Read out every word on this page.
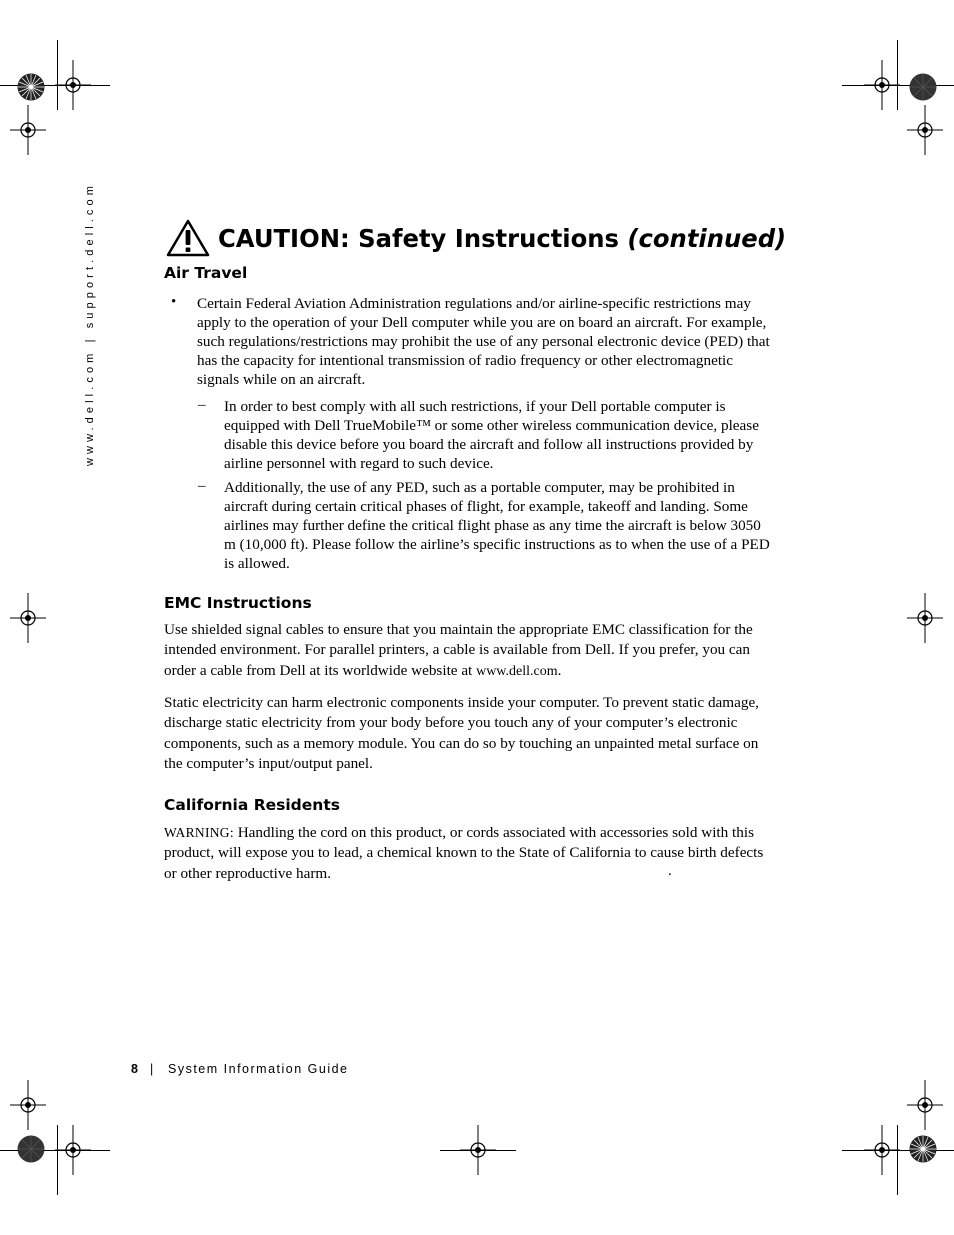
www.dell.com | support.dell.com	CAUTION: Safety Instructions (continued)
Air Travel
• Certain Federal Aviation Administration regulations and/or airline-specific restrictions may apply to the operation of your Dell computer while you are on board an aircraft. For example, such regulations/restrictions may prohibit the use of any personal electronic device (PED) that has the capacity for intentional transmission of radio frequency or other electromagnetic signals while on an aircraft.
– In order to best comply with all such restrictions, if your Dell portable computer is equipped with Dell TrueMobile™ or some other wireless communication device, please disable this device before you board the aircraft and follow all instructions provided by airline personnel with regard to such device.
– Additionally, the use of any PED, such as a portable computer, may be prohibited in aircraft during certain critical phases of flight, for example, takeoff and landing. Some airlines may further define the critical flight phase as any time the aircraft is below 3050 m (10,000 ft). Please follow the airline’s specific instructions as to when the use of a PED is allowed.
EMC Instructions
Use shielded signal cables to ensure that you maintain the appropriate EMC classification for the intended environment. For parallel printers, a cable is available from Dell. If you prefer, you can order a cable from Dell at its worldwide website at www.dell.com.
Static electricity can harm electronic components inside your computer. To prevent static damage, discharge static electricity from your body before you touch any of your computer’s electronic components, such as a memory module. You can do so by touching an unpainted metal surface on the computer’s input/output panel.
California Residents
WARNING: Handling the cord on this product, or cords associated with accessories sold with this product, will expose you to lead, a chemical known to the State of California to cause birth defects or other reproductive harm.	.
8 | System Information Guide
